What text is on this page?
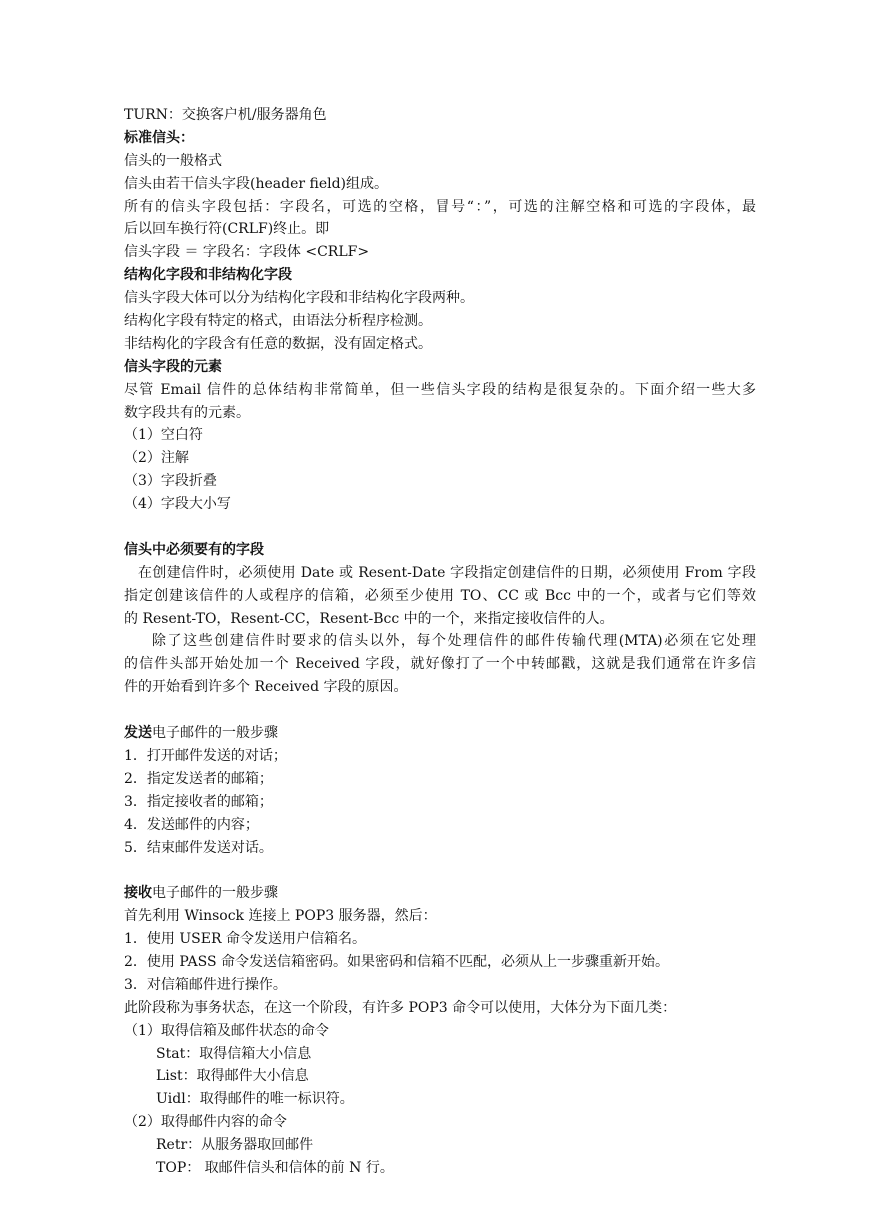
TURN：交换客户机/服务器角色
标准信头：
信头的一般格式
信头由若干信头字段(header field)组成。
所有的信头字段包括：字段名，可选的空格，冒号“：”，可选的注解空格和可选的字段体，最
后以回车换行符(CRLF)终止。即
信头字段 ＝ 字段名：字段体 <CRLF>
结构化字段和非结构化字段
信头字段大体可以分为结构化字段和非结构化字段两种。
结构化字段有特定的格式，由语法分析程序检测。
非结构化的字段含有任意的数据，没有固定格式。
信头字段的元素
尽管 Email 信件的总体结构非常简单，但一些信头字段的结构是很复杂的。下面介绍一些大多
数字段共有的元素。
（1）空白符
（2）注解
（3）字段折叠
（4）字段大小写
信头中必须要有的字段
在创建信件时，必须使用 Date 或 Resent-Date 字段指定创建信件的日期，必须使用 From 字段
指定创建该信件的人或程序的信箱，必须至少使用 TO、CC 或 Bcc 中的一个，或者与它们等效
的 Resent-TO，Resent-CC，Resent-Bcc 中的一个，来指定接收信件的人。
除了这些创建信件时要求的信头以外，每个处理信件的邮件传输代理(MTA)必须在它处理
的信件头部开始处加一个 Received 字段，就好像打了一个中转邮戳，这就是我们通常在许多信
件的开始看到许多个 Received 字段的原因。
发送电子邮件的一般步骤
1．打开邮件发送的对话；
2．指定发送者的邮箱；
3．指定接收者的邮箱；
4．发送邮件的内容；
5．结束邮件发送对话。
接收电子邮件的一般步骤
首先利用 Winsock 连接上 POP3 服务器，然后：
1．使用 USER 命令发送用户信箱名。
2．使用 PASS 命令发送信箱密码。如果密码和信箱不匹配，必须从上一步骤重新开始。
3．对信箱邮件进行操作。
此阶段称为事务状态，在这一个阶段，有许多 POP3 命令可以使用，大体分为下面几类：
（1）取得信箱及邮件状态的命令
Stat：取得信箱大小信息
List：取得邮件大小信息
Uidl：取得邮件的唯一标识符。
（2）取得邮件内容的命令
Retr：从服务器取回邮件
TOP： 取邮件信头和信体的前 N 行。
